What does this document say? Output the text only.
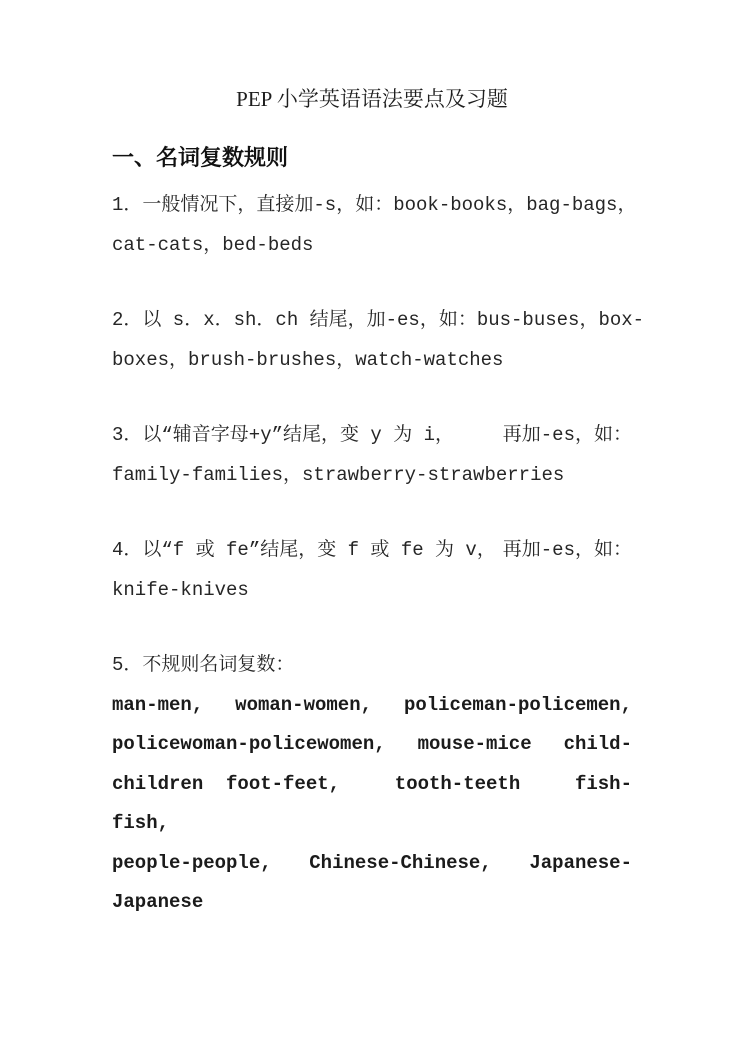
PEP 小学英语语法要点及习题
一、名词复数规则
1．一般情况下，直接加-s，如：book-books， bag-bags，
cat-cats，bed-beds
2．以 s．x．sh．ch 结尾，加-es，如：bus-buses， box-
boxes，brush-brushes，watch-watches
3．以“辅音字母+y”结尾，变 y 为 i，	再加-es，如：
family-families，strawberry-strawberries
4．以“f 或 fe”结尾，变 f 或 fe 为 v， 再加-es，如：
knife-knives
5．不规则名词复数：
man-men, woman-women, policeman-policemen,
policewoman-policewomen, mouse-mice child-
children  foot-feet,	tooth-teeth	fish-
fish,
people-people, Chinese-Chinese, Japanese-
Japanese
